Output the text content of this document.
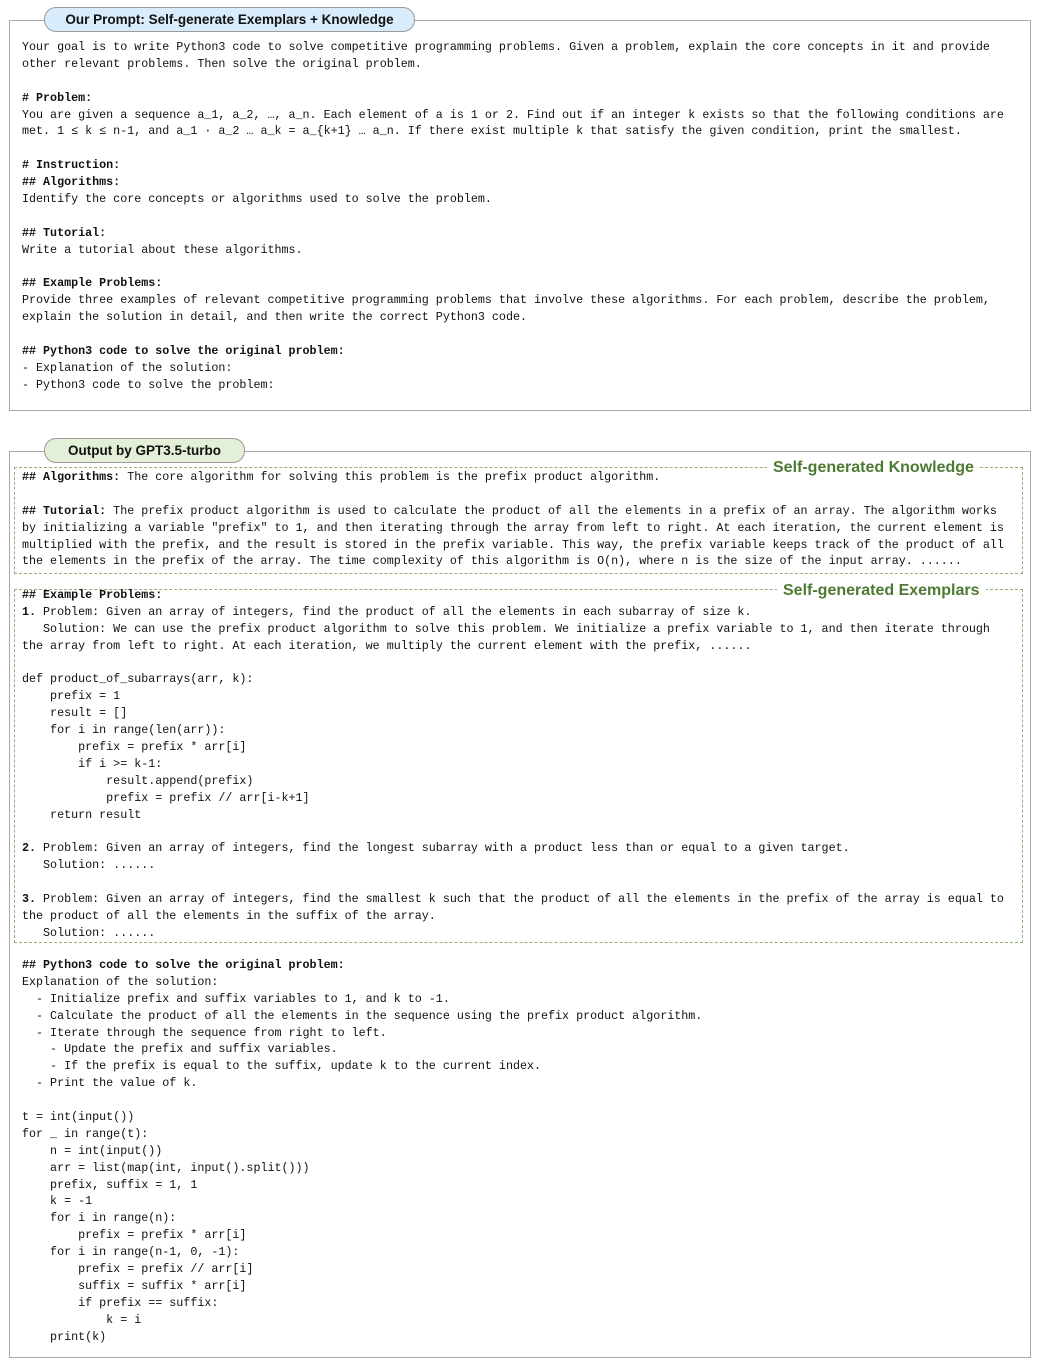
Our Prompt: Self-generate Exemplars + Knowledge
Your goal is to write Python3 code to solve competitive programming problems. Given a problem, explain the core concepts in it and provide
other relevant problems. Then solve the original problem.
# Problem:
You are given a sequence a_1, a_2, …, a_n. Each element of a is 1 or 2. Find out if an integer k exists so that the following conditions are
met. 1 ≤ k ≤ n-1, and a_1 · a_2 … a_k = a_{k+1} … a_n. If there exist multiple k that satisfy the given condition, print the smallest.
# Instruction:
## Algorithms:
Identify the core concepts or algorithms used to solve the problem.
## Tutorial:
Write a tutorial about these algorithms.
## Example Problems:
Provide three examples of relevant competitive programming problems that involve these algorithms. For each problem, describe the problem,
explain the solution in detail, and then write the correct Python3 code.
## Python3 code to solve the original problem:
- Explanation of the solution:
- Python3 code to solve the problem:
Output by GPT3.5-turbo
Self-generated Knowledge
## Algorithms: The core algorithm for solving this problem is the prefix product algorithm.
## Tutorial: The prefix product algorithm is used to calculate the product of all the elements in a prefix of an array. The algorithm works
by initializing a variable "prefix" to 1, and then iterating through the array from left to right. At each iteration, the current element is
multiplied with the prefix, and the result is stored in the prefix variable. This way, the prefix variable keeps track of the product of all
the elements in the prefix of the array. The time complexity of this algorithm is O(n), where n is the size of the input array. ......
Self-generated Exemplars
## Example Problems:
1. Problem: Given an array of integers, find the product of all the elements in each subarray of size k.
Solution: We can use the prefix product algorithm to solve this problem. We initialize a prefix variable to 1, and then iterate through
the array from left to right. At each iteration, we multiply the current element with the prefix, ......
def product_of_subarrays(arr, k):
prefix = 1
result = []
for i in range(len(arr)):
prefix = prefix * arr[i]
if i >= k-1:
result.append(prefix)
prefix = prefix // arr[i-k+1]
return result
2. Problem: Given an array of integers, find the longest subarray with a product less than or equal to a given target.
Solution: ......
3. Problem: Given an array of integers, find the smallest k such that the product of all the elements in the prefix of the array is equal to
the product of all the elements in the suffix of the array.
Solution: ......
## Python3 code to solve the original problem:
Explanation of the solution:
- Initialize prefix and suffix variables to 1, and k to -1.
- Calculate the product of all the elements in the sequence using the prefix product algorithm.
- Iterate through the sequence from right to left.
- Update the prefix and suffix variables.
- If the prefix is equal to the suffix, update k to the current index.
- Print the value of k.
t = int(input())
for _ in range(t):
n = int(input())
arr = list(map(int, input().split()))
prefix, suffix = 1, 1
k = -1
for i in range(n):
prefix = prefix * arr[i]
for i in range(n-1, 0, -1):
prefix = prefix // arr[i]
suffix = suffix * arr[i]
if prefix == suffix:
k = i
print(k)
